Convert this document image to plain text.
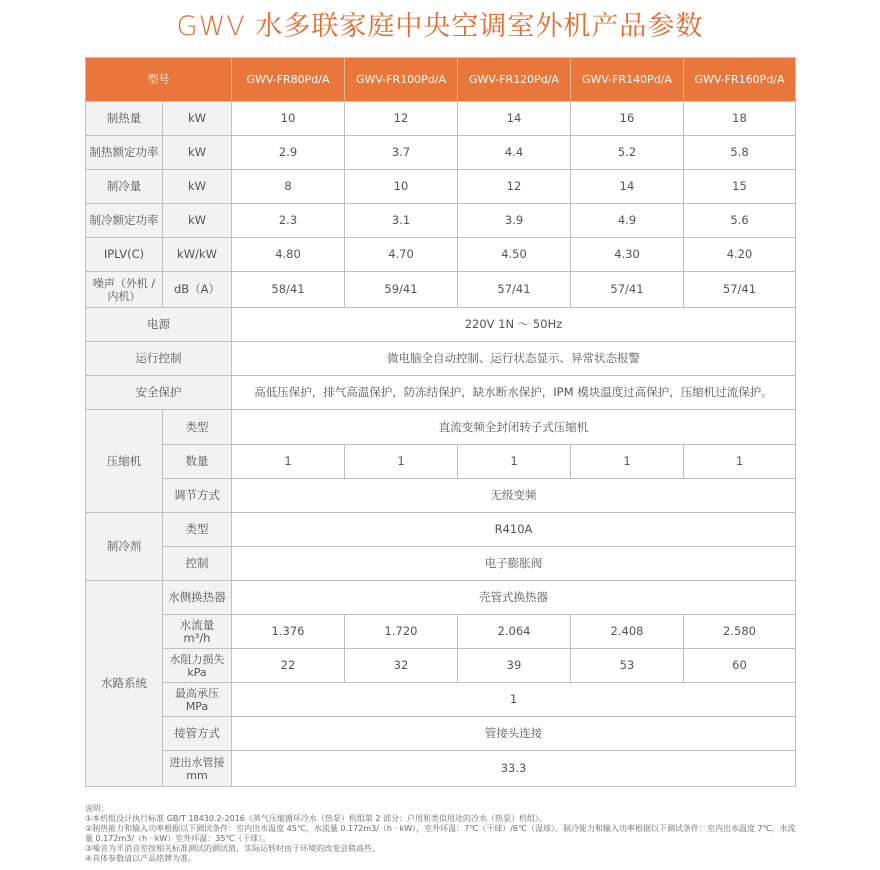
GWV 水多联家庭中央空调室外机产品参数
型号		GWV-FR80Pd/A	GWV-FR100Pd/A	GWV-FR120Pd/A	GWV-FR140Pd/A	GWV-FR160Pd/A
制热量	kW	10	12	14	16	18
制热额定功率	kW	2.9	3.7	4.4	5.2	5.8
制冷量	kW	8	10	12	14	15
制冷额定功率	kW	2.3	3.1	3.9	4.9	5.6
IPLV(C)	kW/kW	4.80	4.70	4.50	4.30	4.20
噪声（外机 / 内机）	dB（A）	58/41	59/41	57/41	57/41	57/41
电源		220V 1N ～ 50Hz				
运行控制		微电脑全自动控制、运行状态显示、异常状态报警				
安全保护		高低压保护，排气高温保护，防冻结保护，缺水断水保护，IPM 模块温度过高保护，压缩机过流保护。				
压缩机	类型	直流变频全封闭转子式压缩机				
	数量	1	1	1	1	1
	调节方式	无级变频				
制冷剂	类型	R410A				
	控制	电子膨胀阀				
水路系统	水侧换热器	壳管式换热器				
	水流量 m³/h	1.376	1.720	2.064	2.408	2.580
	水阻力损失 kPa	22	32	39	53	60
	最高承压 MPa	1				
	接管方式	管接头连接				
	进出水管接 mm	33.3				
说明：
①本机组设计执行标准 GB/T 18430.2-2016《蒸气压缩循环冷水（热泵）机组第 2 部分：户用和类似用途的冷水（热泵）机组》。
②制热能力和输入功率根据以下测试条件：室内出水温度 45℃，水流量 0.172m3/（h · kW），室外环温：7℃（干球）/6℃（湿球）。制冷能力和输入功率根据以下测试条件：室内出水温度 7℃，水流量 0.172m3/（h · kW）室外环温：35℃（干球）。
③噪音为半消音室按相关标准测试的测试值，实际运转时由于环境的改变会稍高些。
④具体参数请以产品铭牌为准。
